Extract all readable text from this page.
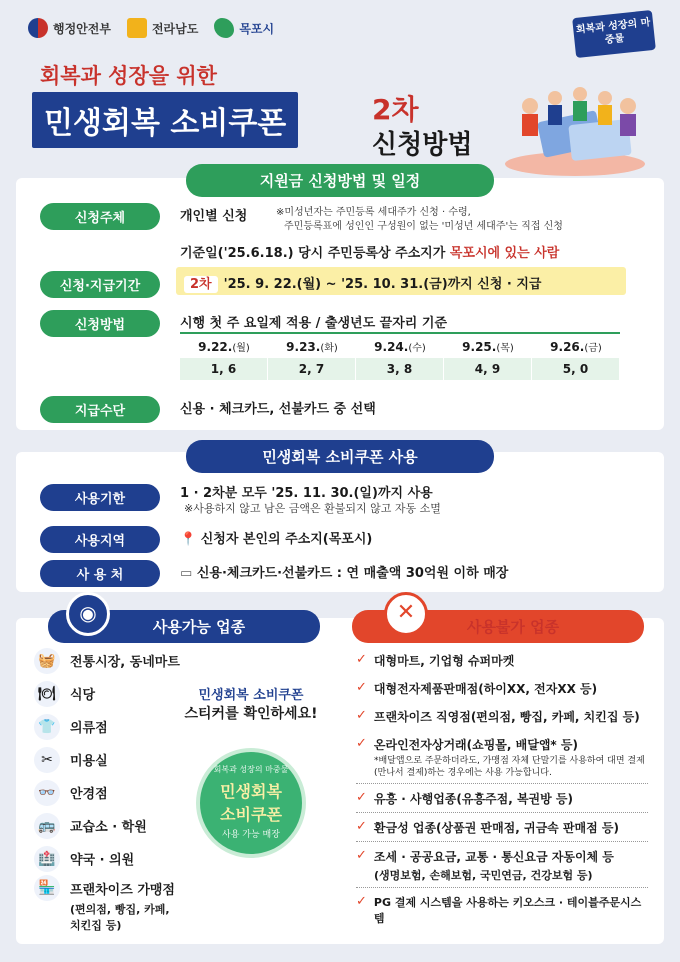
행정안전부	전라남도	목포시	회복과 성장의 마중물
회복과 성장을 위한
민생회복 소비쿠폰	2차
신청방법
지원금 신청방법 및 일정
신청주체	개인별 신청	※미성년자는 주민등록 세대주가 신청 · 수령,
주민등록표에 성인인 구성원이 없는 '미성년 세대주'는 직접 신청
기준일('25.6.18.) 당시 주민등록상 주소지가 목포시에 있는 사람
신청·지급기간	2차 '25. 9. 22.(월) ~ '25. 10. 31.(금)까지 신청 · 지급
신청방법	시행 첫 주 요일제 적용 / 출생년도 끝자리 기준
9.22.(월)	9.23.(화)	9.24.(수)	9.25.(목)	9.26.(금)
1, 6	2, 7	3, 8	4, 9	5, 0
지급수단	신용 · 체크카드, 선불카드 중 선택
민생회복 소비쿠폰 사용
사용기한	1 · 2차분 모두 '25. 11. 30.(일)까지 사용
※사용하지 않고 남은 금액은 환불되지 않고 자동 소멸
사용지역	📍 신청자 본인의 주소지(목포시)
사 용 처	▭ 신용·체크카드·선불카드 : 연 매출액 30억원 이하 매장
사용가능 업종
◉
사용불가 업종
✕
🧺	전통시장, 동네마트
🍽	식당
👕	의류점
✂	미용실
👓	안경점
🚌	교습소 · 학원
🏥	약국 · 의원
🏪	프랜차이즈 가맹점
(편의점, 빵집, 카페, 치킨집 등)
민생회복 소비쿠폰
스티커를 확인하세요!
회복과 성장의 마중물
민생회복
소비쿠폰
사용 가능 매장
✓ 대형마트, 기업형 슈퍼마켓
✓ 대형전자제품판매점(하이XX, 전자XX 등)
✓ 프랜차이즈 직영점(편의점, 빵집, 카페, 치킨집 등)
✓ 온라인전자상거래(쇼핑몰, 배달앱* 등)
*배달앱으로 주문하더라도, 가맹점 자체 단말기를 사용하여 대면 결제(만나서 결제)하는 경우에는 사용 가능합니다.
✓ 유흥 · 사행업종(유흥주점, 복권방 등)
✓ 환금성 업종(상품권 판매점, 귀금속 판매점 등)
✓ 조세 · 공공요금, 교통 · 통신요금 자동이체 등
(생명보험, 손해보험, 국민연금, 건강보험 등)
✓ PG 결제 시스템을 사용하는 키오스크 · 테이블주문시스템
